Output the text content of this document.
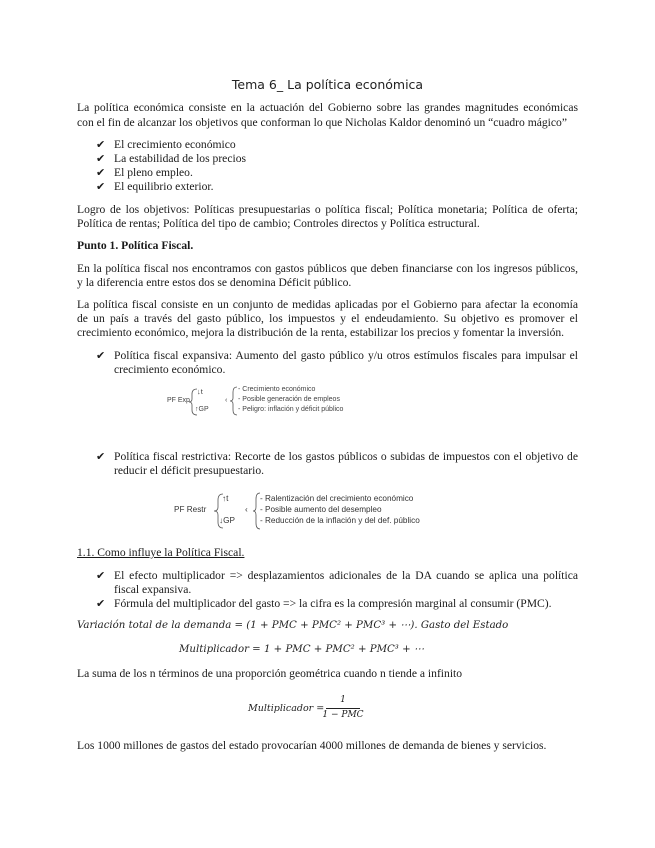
Tema 6_ La política económica
La política económica consiste en la actuación del Gobierno sobre las grandes magnitudes económicas
con el fin de alcanzar los objetivos que conforman lo que Nicholas Kaldor denominó un “cuadro mágico”
✔ El crecimiento económico
✔ La estabilidad de los precios
✔ El pleno empleo.
✔ El equilibrio exterior.
Logro de los objetivos: Políticas presupuestarias o política fiscal; Política monetaria; Política de oferta;
Política de rentas; Política del tipo de cambio; Controles directos y Política estructural.
Punto 1. Política Fiscal.
En la política fiscal nos encontramos con gastos públicos que deben financiarse con los ingresos públicos,
y la diferencia entre estos dos se denomina Déficit público.
La política fiscal consiste en un conjunto de medidas aplicadas por el Gobierno para afectar la economía
de un país a través del gasto público, los impuestos y el endeudamiento. Su objetivo es promover el
crecimiento económico, mejora la distribución de la renta, estabilizar los precios y fomentar la inversión.
✔ Política fiscal expansiva: Aumento del gasto público y/u otros estímulos fiscales para impulsar el
crecimiento económico.
PF Exp
↓t
↑GP
‹
- Crecimiento económico
- Posible generación de empleos
- Peligro: inflación y déficit público
✔ Política fiscal restrictiva: Recorte de los gastos públicos o subidas de impuestos con el objetivo de
reducir el déficit presupuestario.
PF Restr
↑t
↓GP
‹
- Ralentización del crecimiento económico
- Posible aumento del desempleo
- Reducción de la inflación y del def. público
1.1. Como influye la Política Fiscal.
✔ El efecto multiplicador => desplazamientos adicionales de la DA cuando se aplica una política
fiscal expansiva.
✔ Fórmula del multiplicador del gasto => la cifra es la compresión marginal al consumir (PMC).
Variación total de la demanda = (1 + PMC + PMC² + PMC³ + ⋯). Gasto del Estado
Multiplicador = 1 + PMC + PMC² + PMC³ + ⋯
La suma de los n términos de una proporción geométrica cuando n tiende a infinito
Multiplicador =
1
1 − PMC
Los 1000 millones de gastos del estado provocarían 4000 millones de demanda de bienes y servicios.
